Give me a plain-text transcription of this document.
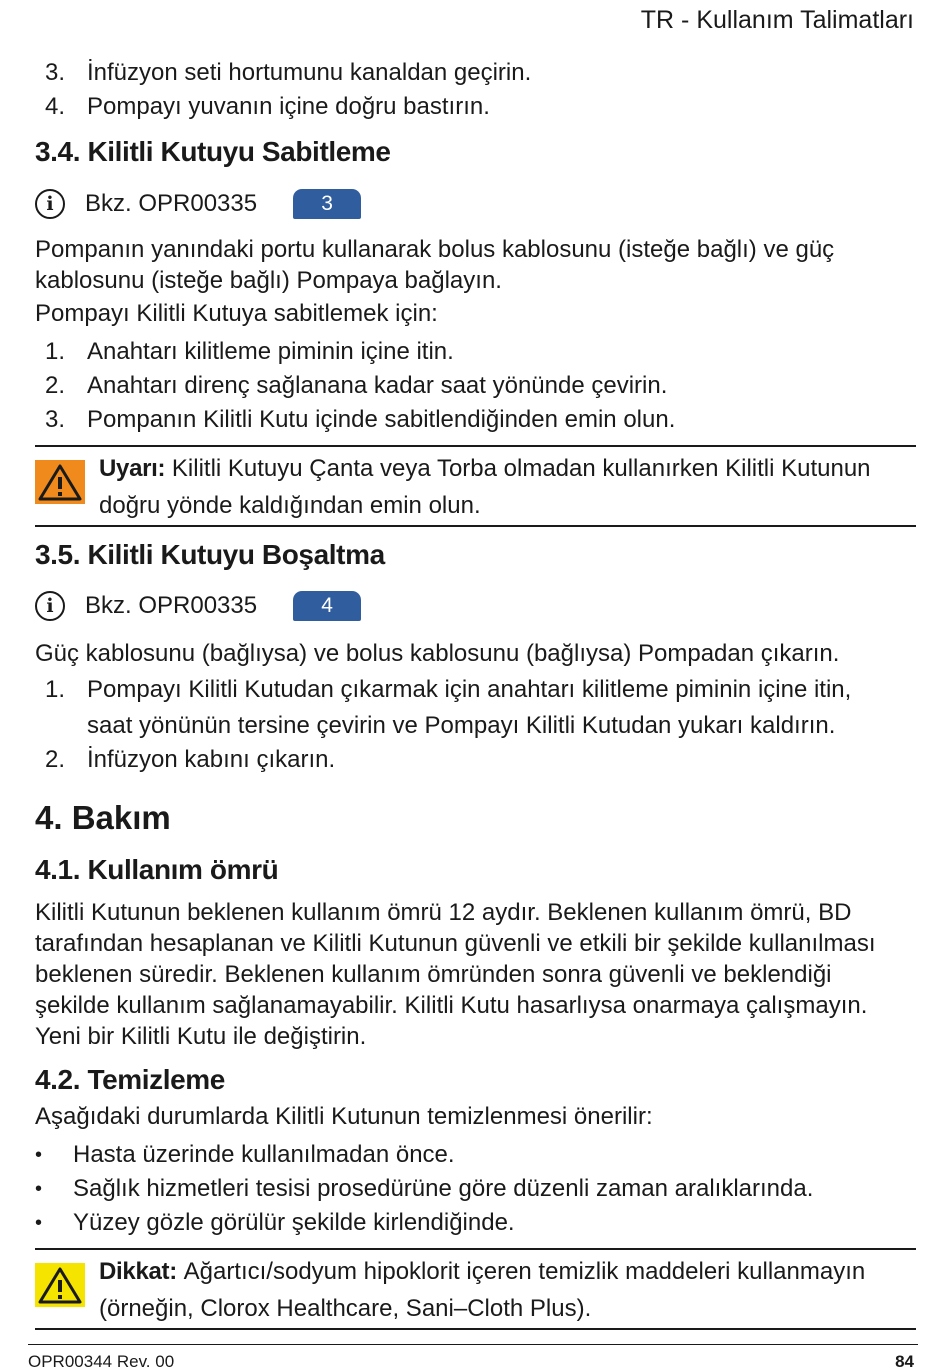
TR - Kullanım Talimatları
3. İnfüzyon seti hortumunu kanaldan geçirin.
4. Pompayı yuvanın içine doğru bastırın.
3.4. Kilitli Kutuyu Sabitleme
i	Bkz. OPR00335	3
Pompanın yanındaki portu kullanarak bolus kablosunu (isteğe bağlı) ve güç
kablosunu (isteğe bağlı) Pompaya bağlayın.
Pompayı Kilitli Kutuya sabitlemek için:
1. Anahtarı kilitleme piminin içine itin.
2. Anahtarı direnç sağlanana kadar saat yönünde çevirin.
3. Pompanın Kilitli Kutu içinde sabitlendiğinden emin olun.
Uyarı: Kilitli Kutuyu Çanta veya Torba olmadan kullanırken Kilitli Kutunun
doğru yönde kaldığından emin olun.
3.5. Kilitli Kutuyu Boşaltma
i	Bkz. OPR00335	4
Güç kablosunu (bağlıysa) ve bolus kablosunu (bağlıysa) Pompadan çıkarın.
1. Pompayı Kilitli Kutudan çıkarmak için anahtarı kilitleme piminin içine itin,
saat yönünün tersine çevirin ve Pompayı Kilitli Kutudan yukarı kaldırın.
2. İnfüzyon kabını çıkarın.
4. Bakım
4.1. Kullanım ömrü
Kilitli Kutunun beklenen kullanım ömrü 12 aydır. Beklenen kullanım ömrü, BD
tarafından hesaplanan ve Kilitli Kutunun güvenli ve etkili bir şekilde kullanılması
beklenen süredir. Beklenen kullanım ömründen sonra güvenli ve beklendiği
şekilde kullanım sağlanamayabilir. Kilitli Kutu hasarlıysa onarmaya çalışmayın.
Yeni bir Kilitli Kutu ile değiştirin.
4.2. Temizleme
Aşağıdaki durumlarda Kilitli Kutunun temizlenmesi önerilir:
• Hasta üzerinde kullanılmadan önce.
• Sağlık hizmetleri tesisi prosedürüne göre düzenli zaman aralıklarında.
• Yüzey gözle görülür şekilde kirlendiğinde.
Dikkat: Ağartıcı/sodyum hipoklorit içeren temizlik maddeleri kullanmayın
(örneğin, Clorox Healthcare, Sani–Cloth Plus).
OPR00344 Rev. 00	84
